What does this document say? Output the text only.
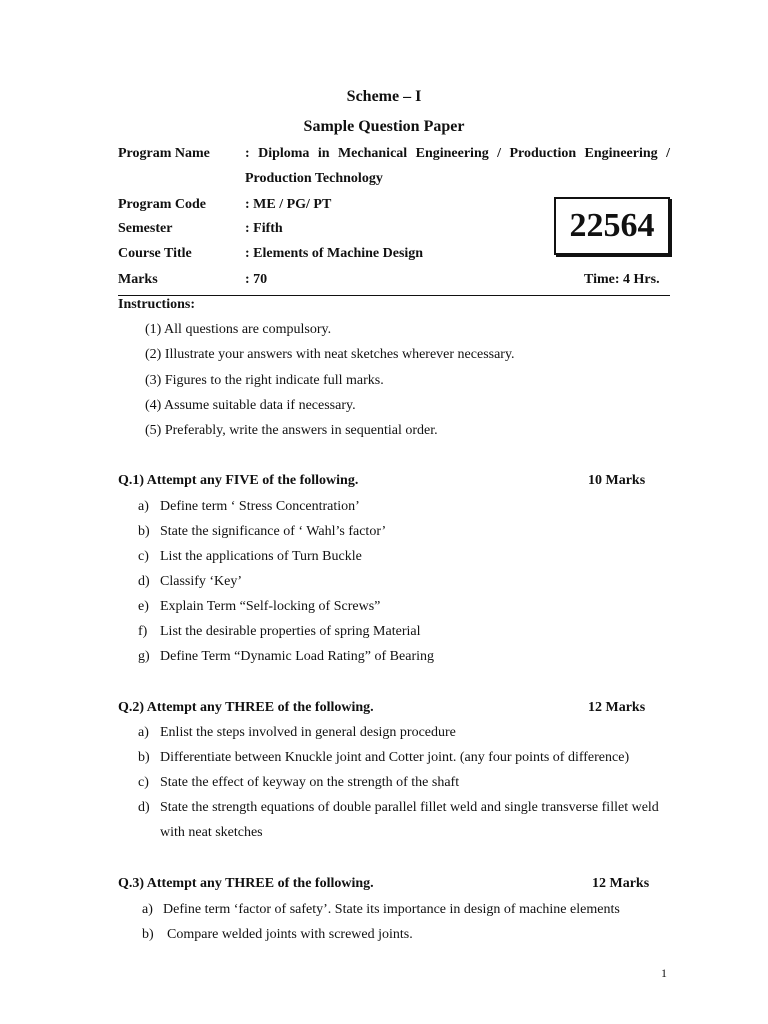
Scheme – I
Sample Question Paper
Program Name	: Diploma in Mechanical Engineering / Production Engineering /
Production Technology
Program Code	: ME / PG/ PT
Semester	: Fifth
Course Title	: Elements of Machine Design
Marks	: 70	Time: 4 Hrs.
22564
Instructions:
(1) All questions are compulsory.
(2) Illustrate your answers with neat sketches wherever necessary.
(3) Figures to the right indicate full marks.
(4) Assume suitable data if necessary.
(5) Preferably, write the answers in sequential order.
Q.1) Attempt any FIVE of the following.	10 Marks
a) Define term ‘ Stress Concentration’
b) State the significance of ‘ Wahl’s factor’
c) List the applications of Turn Buckle
d) Classify ‘Key’
e) Explain Term “Self-locking of Screws”
f) List the desirable properties of spring Material
g) Define Term “Dynamic Load Rating” of Bearing
Q.2) Attempt any THREE of the following.	12 Marks
a) Enlist the steps involved in general design procedure
b) Differentiate between Knuckle joint and Cotter joint. (any four points of difference)
c) State the effect of keyway on the strength of the shaft
d) State the strength equations of double parallel fillet weld and single transverse fillet weld
with neat sketches
Q.3) Attempt any THREE of the following.	12 Marks
a) Define term ‘factor of safety’. State its importance in design of machine elements
b) Compare welded joints with screwed joints.
1
